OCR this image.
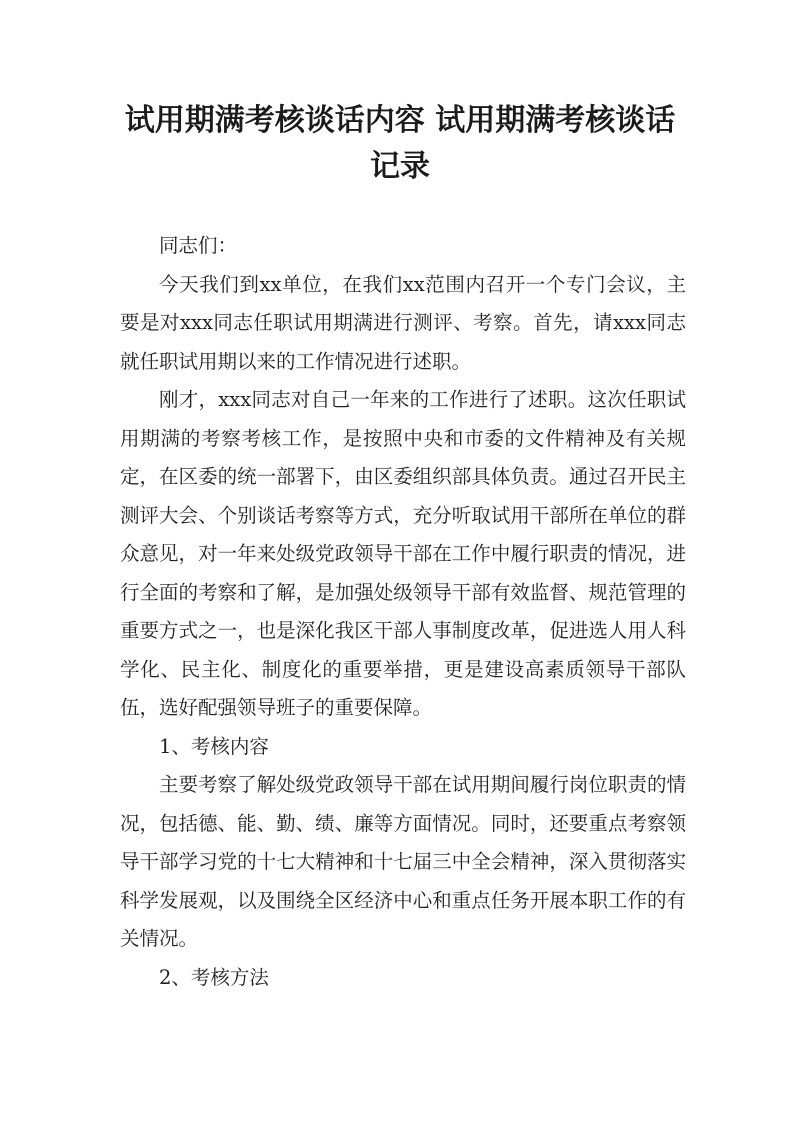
试用期满考核谈话内容 试用期满考核谈话记录

同志们：

今天我们到xx单位，在我们xx范围内召开一个专门会议，主要是对xxx同志任职试用期满进行测评、考察。首先，请xxx同志就任职试用期以来的工作情况进行述职。

刚才，xxx同志对自己一年来的工作进行了述职。这次任职试用期满的考察考核工作，是按照中央和市委的文件精神及有关规定，在区委的统一部署下，由区委组织部具体负责。通过召开民主测评大会、个别谈话考察等方式，充分听取试用干部所在单位的群众意见，对一年来处级党政领导干部在工作中履行职责的情况，进行全面的考察和了解，是加强处级领导干部有效监督、规范管理的重要方式之一，也是深化我区干部人事制度改革，促进选人用人科学化、民主化、制度化的重要举措，更是建设高素质领导干部队伍，选好配强领导班子的重要保障。

1、考核内容

主要考察了解处级党政领导干部在试用期间履行岗位职责的情况，包括德、能、勤、绩、廉等方面情况。同时，还要重点考察领导干部学习党的十七大精神和十七届三中全会精神，深入贯彻落实科学发展观，以及围绕全区经济中心和重点任务开展本职工作的有关情况。

2、考核方法
